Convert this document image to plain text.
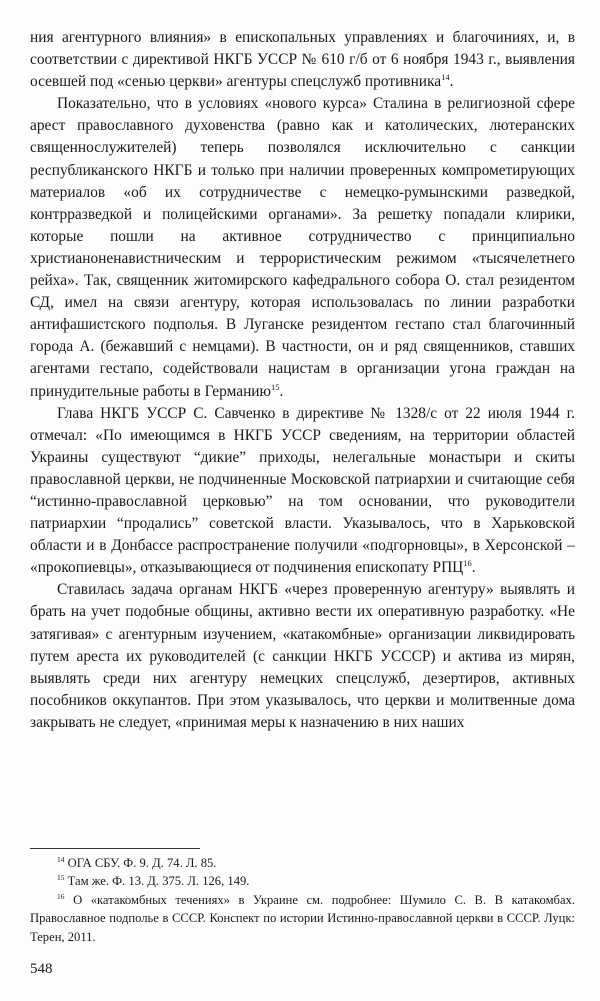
ния агентурного влияния» в епископальных управлениях и благочиниях, и, в соответствии с директивой НКГБ УССР № 610 г/б от 6 ноября 1943 г., выявления осевшей под «сенью церкви» агентуры спецслужб противника$^{14}$.

Показательно, что в условиях «нового курса» Сталина в религиозной сфере арест православного духовенства (равно как и католических, лютеранских священнослужителей) теперь позволялся исключительно с санкции республиканского НКГБ и только при наличии проверенных компрометирующих материалов «об их сотрудничестве с немецко-румынскими разведкой, контрразведкой и полицейскими органами». За решетку попадали клирики, которые пошли на активное сотрудничество с принципиально христианоненавистническим и террористическим режимом «тысячелетнего рейха». Так, священник житомирского кафедрального собора О. стал резидентом СД, имел на связи агентуру, которая использовалась по линии разработки антифашистского подполья. В Луганске резидентом гестапо стал благочинный города А. (бежавший с немцами). В частности, он и ряд священников, ставших агентами гестапо, содействовали нацистам в организации угона граждан на принудительные работы в Германию$^{15}$.

Глава НКГБ УССР С. Савченко в директиве № 1328/с от 22 июля 1944 г. отмечал: «По имеющимся в НКГБ УССР сведениям, на территории областей Украины существуют “дикие” приходы, нелегальные монастыри и скиты православной церкви, не подчиненные Московской патриархии и считающие себя “истинно-православной церковью” на том основании, что руководители патриархии “продались” советской власти. Указывалось, что в Харьковской области и в Донбассе распространение получили «подгорновцы», в Херсонской – «прокопиевцы», отказывающиеся от подчинения епископату РПЦ$^{16}$.

Ставилась задача органам НКГБ «через проверенную агентуру» выявлять и брать на учет подобные общины, активно вести их оперативную разработку. «Не затягивая» с агентурным изучением, «катакомбные» организации ликвидировать путем ареста их руководителей (с санкции НКГБ УСССР) и актива из мирян, выявлять среди них агентуру немецких спецслужб, дезертиров, активных пособников оккупантов. При этом указывалось, что церкви и молитвенные дома закрывать не следует, «принимая меры к назначению в них наших

$^{14}$ ОГА СБУ. Ф. 9. Д. 74. Л. 85.

$^{15}$ Там же. Ф. 13. Д. 375. Л. 126, 149.

$^{16}$ О «катакомбных течениях» в Украине см. подробнее: Шумило С. В. В катакомбах. Православное подполье в СССР. Конспект по истории Истинно-православной церкви в СССР. Луцк: Терен, 2011.

548
